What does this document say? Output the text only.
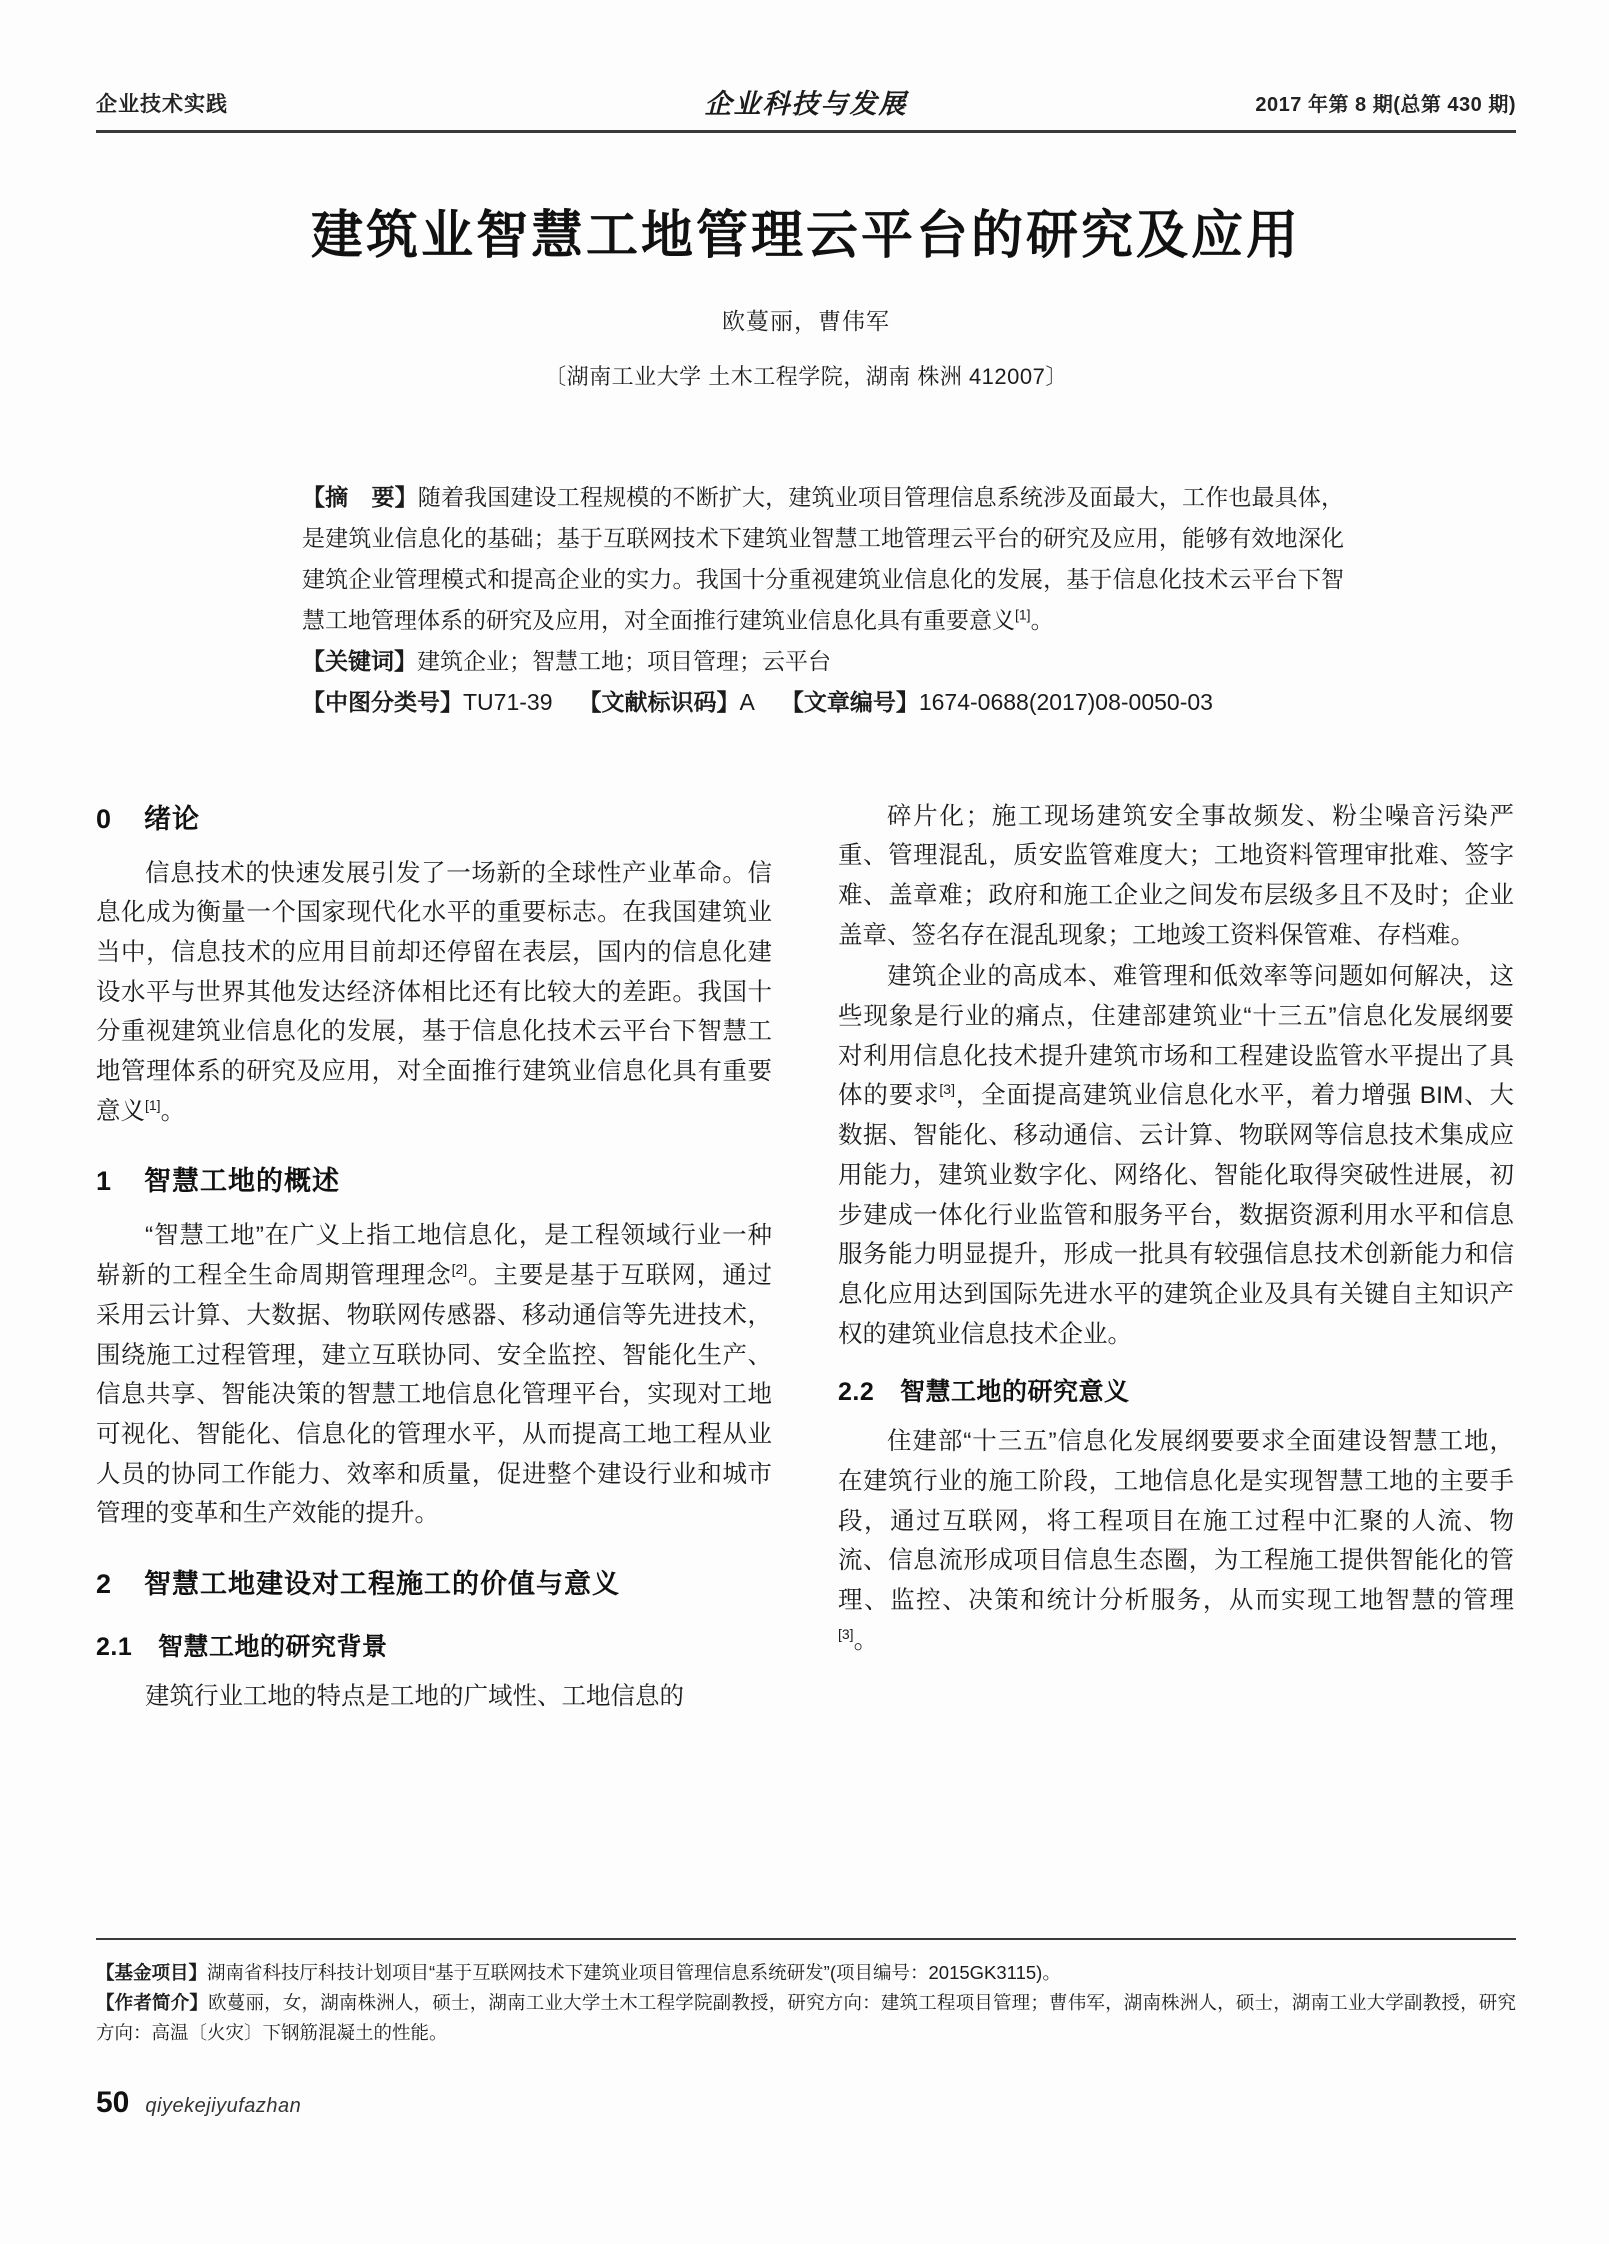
企业技术实践	企业科技与发展	2017 年第 8 期(总第 430 期)
建筑业智慧工地管理云平台的研究及应用
欧蔓丽，曹伟军
〔湖南工业大学 土木工程学院，湖南 株洲 412007〕

【摘　要】随着我国建设工程规模的不断扩大，建筑业项目管理信息系统涉及面最大，工作也最具体，是建筑业信息化的基础；基于互联网技术下建筑业智慧工地管理云平台的研究及应用，能够有效地深化建筑企业管理模式和提高企业的实力。我国十分重视建筑业信息化的发展，基于信息化技术云平台下智慧工地管理体系的研究及应用，对全面推行建筑业信息化具有重要意义[1]。

【关键词】建筑企业；智慧工地；项目管理；云平台

【中图分类号】TU71-39 【文献标识码】A 【文章编号】1674-0688(2017)08-0050-03

0 绪论

信息技术的快速发展引发了一场新的全球性产业革命。信息化成为衡量一个国家现代化水平的重要标志。在我国建筑业当中，信息技术的应用目前却还停留在表层，国内的信息化建设水平与世界其他发达经济体相比还有比较大的差距。我国十分重视建筑业信息化的发展，基于信息化技术云平台下智慧工地管理体系的研究及应用，对全面推行建筑业信息化具有重要意义[1]。

1 智慧工地的概述

“智慧工地”在广义上指工地信息化，是工程领域行业一种崭新的工程全生命周期管理理念[2]。主要是基于互联网，通过采用云计算、大数据、物联网传感器、移动通信等先进技术，围绕施工过程管理，建立互联协同、安全监控、智能化生产、信息共享、智能决策的智慧工地信息化管理平台，实现对工地可视化、智能化、信息化的管理水平，从而提高工地工程从业人员的协同工作能力、效率和质量，促进整个建设行业和城市管理的变革和生产效能的提升。

2 智慧工地建设对工程施工的价值与意义
2.1 智慧工地的研究背景

建筑行业工地的特点是工地的广域性、工地信息的

碎片化；施工现场建筑安全事故频发、粉尘噪音污染严重、管理混乱，质安监管难度大；工地资料管理审批难、签字难、盖章难；政府和施工企业之间发布层级多且不及时；企业盖章、签名存在混乱现象；工地竣工资料保管难、存档难。

建筑企业的高成本、难管理和低效率等问题如何解决，这些现象是行业的痛点，住建部建筑业“十三五”信息化发展纲要对利用信息化技术提升建筑市场和工程建设监管水平提出了具体的要求[3]，全面提高建筑业信息化水平，着力增强 BIM、大数据、智能化、移动通信、云计算、物联网等信息技术集成应用能力，建筑业数字化、网络化、智能化取得突破性进展，初步建成一体化行业监管和服务平台，数据资源利用水平和信息服务能力明显提升，形成一批具有较强信息技术创新能力和信息化应用达到国际先进水平的建筑企业及具有关键自主知识产权的建筑业信息技术企业。

2.2 智慧工地的研究意义

住建部“十三五”信息化发展纲要要求全面建设智慧工地，在建筑行业的施工阶段，工地信息化是实现智慧工地的主要手段，通过互联网，将工程项目在施工过程中汇聚的人流、物流、信息流形成项目信息生态圈，为工程施工提供智能化的管理、监控、决策和统计分析服务，从而实现工地智慧的管理[3]。

【基金项目】湖南省科技厅科技计划项目“基于互联网技术下建筑业项目管理信息系统研发”(项目编号：2015GK3115)。

【作者简介】欧蔓丽，女，湖南株洲人，硕士，湖南工业大学土木工程学院副教授，研究方向：建筑工程项目管理；曹伟军，湖南株洲人，硕士，湖南工业大学副教授，研究方向：高温〔火灾〕下钢筋混凝土的性能。

50 qiyekejiyufazhan
